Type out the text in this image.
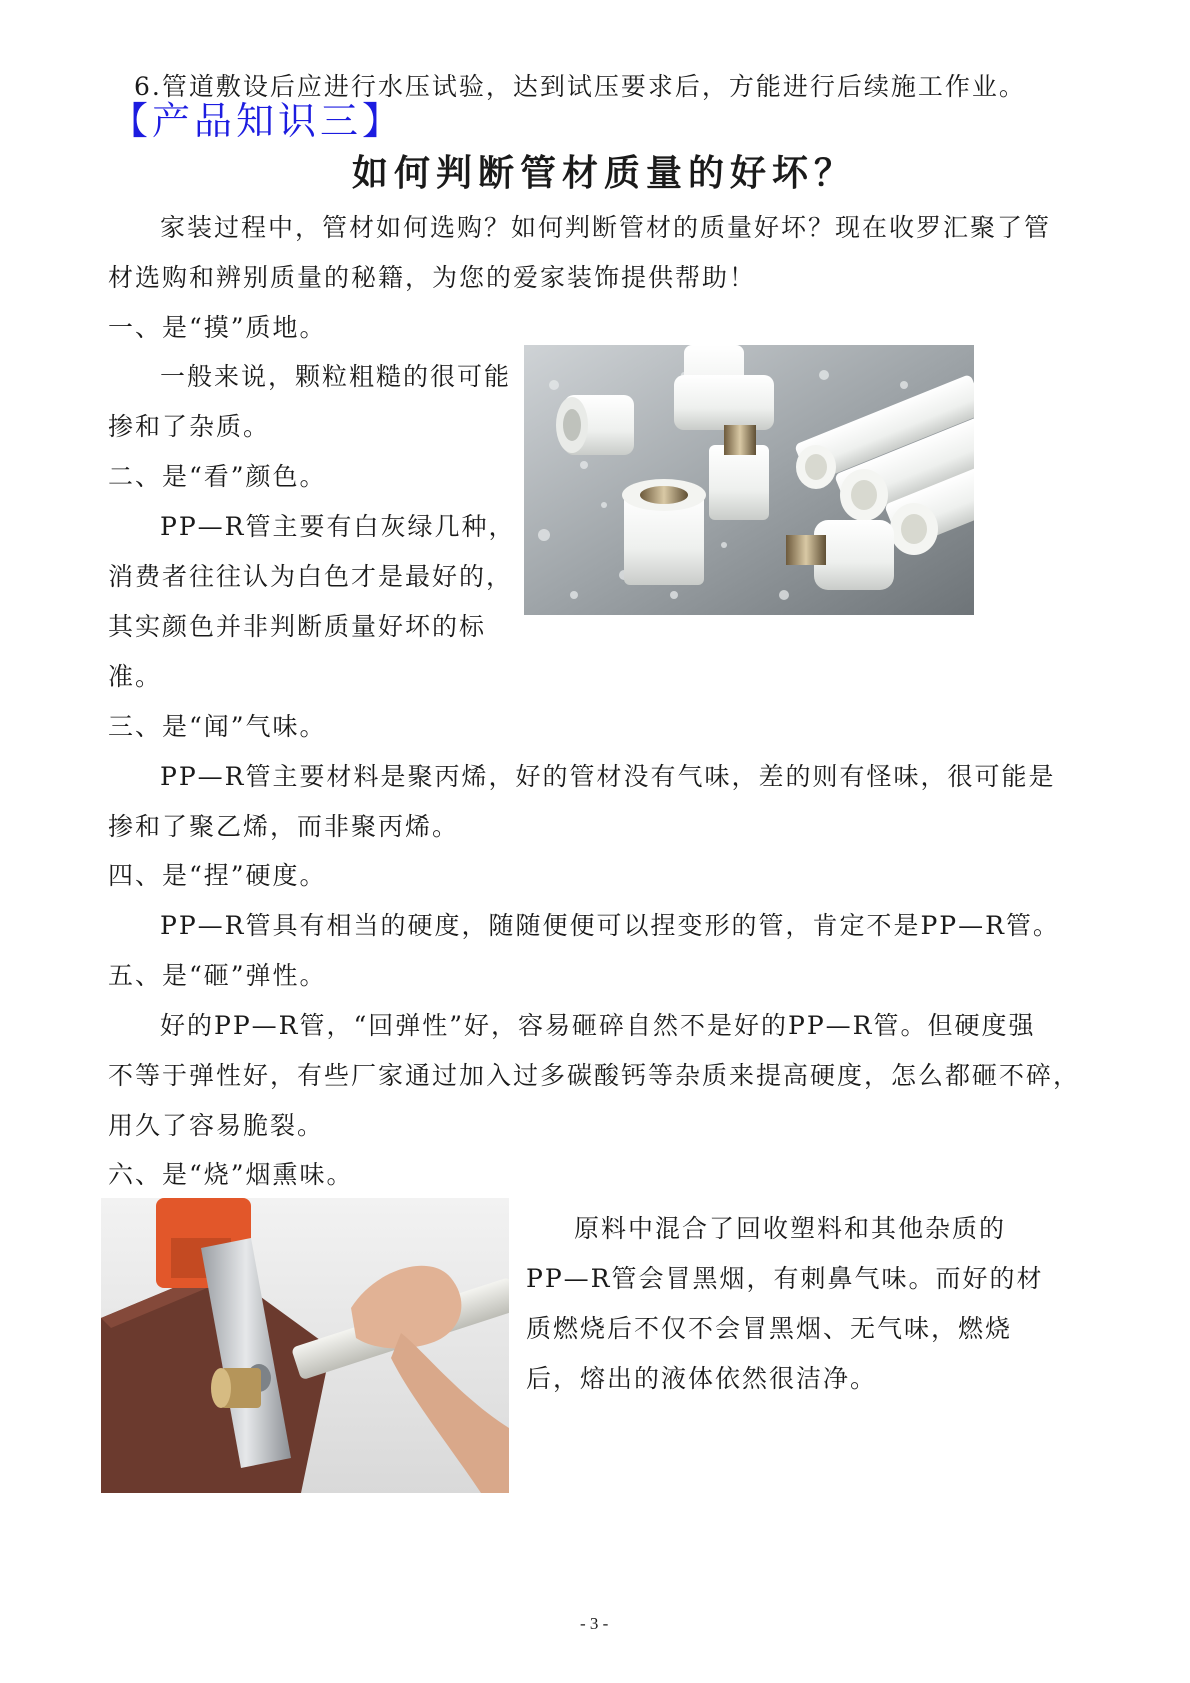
6.管道敷设后应进行水压试验，达到试压要求后，方能进行后续施工作业。
【产品知识三】
如何判断管材质量的好坏？
家装过程中，管材如何选购？如何判断管材的质量好坏？现在收罗汇聚了管
材选购和辨别质量的秘籍，为您的爱家装饰提供帮助！
一、是“摸”质地。
一般来说，颗粒粗糙的很可能
掺和了杂质。
二、是“看”颜色。
PP—R管主要有白灰绿几种，
消费者往往认为白色才是最好的，
其实颜色并非判断质量好坏的标
准。
三、是“闻”气味。
PP—R管主要材料是聚丙烯，好的管材没有气味，差的则有怪味，很可能是
掺和了聚乙烯，而非聚丙烯。
四、是“捏”硬度。
PP—R管具有相当的硬度，随随便便可以捏变形的管，肯定不是PP—R管。
五、是“砸”弹性。
好的PP—R管，“回弹性”好，容易砸碎自然不是好的PP—R管。但硬度强
不等于弹性好，有些厂家通过加入过多碳酸钙等杂质来提高硬度，怎么都砸不碎，
用久了容易脆裂。
六、是“烧”烟熏味。
原料中混合了回收塑料和其他杂质的
PP—R管会冒黑烟，有刺鼻气味。而好的材
质燃烧后不仅不会冒黑烟、无气味，燃烧
后，熔出的液体依然很洁净。
- 3 -
